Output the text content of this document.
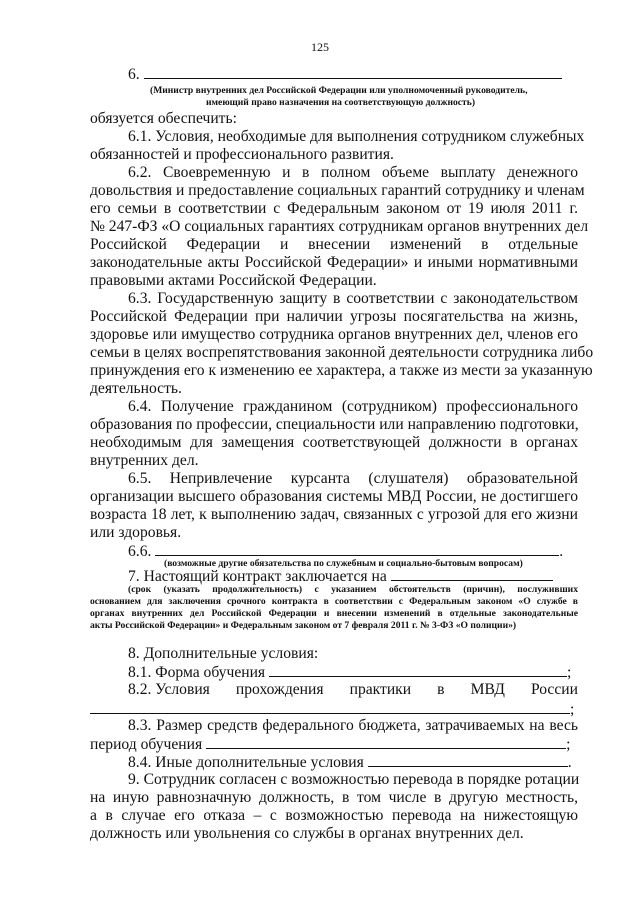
125
6.
(Министр внутренних дел Российской Федерации или уполномоченный руководитель,
имеющий право назначения на соответствующую должность)
обязуется обеспечить:
6.1. Условия, необходимые для выполнения сотрудником служебных
обязанностей и профессионального развития.
6.2. Своевременную и в полном объеме выплату денежного
довольствия и предоставление социальных гарантий сотруднику и членам
его семьи в соответствии с Федеральным законом от 19 июля 2011 г.
№ 247-ФЗ «О социальных гарантиях сотрудникам органов внутренних дел
Российской Федерации и внесении изменений в отдельные
законодательные акты Российской Федерации» и иными нормативными
правовыми актами Российской Федерации.
6.3. Государственную защиту в соответствии с законодательством
Российской Федерации при наличии угрозы посягательства на жизнь,
здоровье или имущество сотрудника органов внутренних дел, членов его
семьи в целях воспрепятствования законной деятельности сотрудника либо
принуждения его к изменению ее характера, а также из мести за указанную
деятельность.
6.4. Получение гражданином (сотрудником) профессионального
образования по профессии, специальности или направлению подготовки,
необходимым для замещения соответствующей должности в органах
внутренних дел.
6.5. Непривлечение курсанта (слушателя) образовательной
организации высшего образования системы МВД России, не достигшего
возраста 18 лет, к выполнению задач, связанных с угрозой для его жизни
или здоровья.
6.6.	.
(возможные другие обязательства по служебным и социально-бытовым вопросам)
7. Настоящий контракт заключается на
(срок (указать продолжительность) с указанием обстоятельств (причин), послуживших
основанием для заключения срочного контракта в соответствии с Федеральным законом «О службе в
органах внутренних дел Российской Федерации и внесении изменений в отдельные законодательные
акты Российской Федерации» и Федеральным законом от 7 февраля 2011 г. № 3-ФЗ «О полиции»)
8. Дополнительные условия:
8.1. Форма обучения	;
8.2. Условия прохождения практики в МВД России
;
8.3. Размер средств федерального бюджета, затрачиваемых на весь
период обучения	;
8.4. Иные дополнительные условия	.
9. Сотрудник согласен с возможностью перевода в порядке ротации
на иную равнозначную должность, в том числе в другую местность,
а в случае его отказа – с возможностью перевода на нижестоящую
должность или увольнения со службы в органах внутренних дел.
